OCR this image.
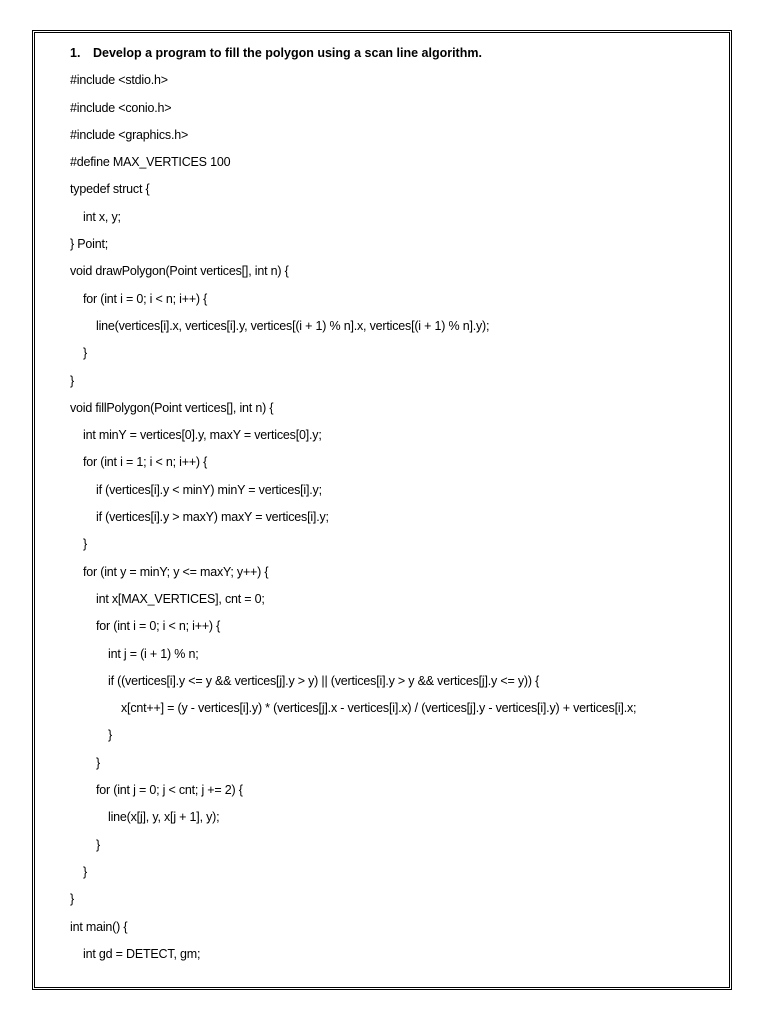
1.	Develop a program to fill the polygon using a scan line algorithm.
#include <stdio.h>
#include <conio.h>
#include <graphics.h>
#define MAX_VERTICES 100
typedef struct {
int x, y;
} Point;
void drawPolygon(Point vertices[], int n) {
for (int i = 0; i < n; i++) {
line(vertices[i].x, vertices[i].y, vertices[(i + 1) % n].x, vertices[(i + 1) % n].y);
}
}
void fillPolygon(Point vertices[], int n) {
int minY = vertices[0].y, maxY = vertices[0].y;
for (int i = 1; i < n; i++) {
if (vertices[i].y < minY) minY = vertices[i].y;
if (vertices[i].y > maxY) maxY = vertices[i].y;
}
for (int y = minY; y <= maxY; y++) {
int x[MAX_VERTICES], cnt = 0;
for (int i = 0; i < n; i++) {
int j = (i + 1) % n;
if ((vertices[i].y <= y && vertices[j].y > y) || (vertices[i].y > y && vertices[j].y <= y)) {
x[cnt++] = (y - vertices[i].y) * (vertices[j].x - vertices[i].x) / (vertices[j].y - vertices[i].y) + vertices[i].x;
}
}
for (int j = 0; j < cnt; j += 2) {
line(x[j], y, x[j + 1], y);
}
}
}
int main() {
int gd = DETECT, gm;
